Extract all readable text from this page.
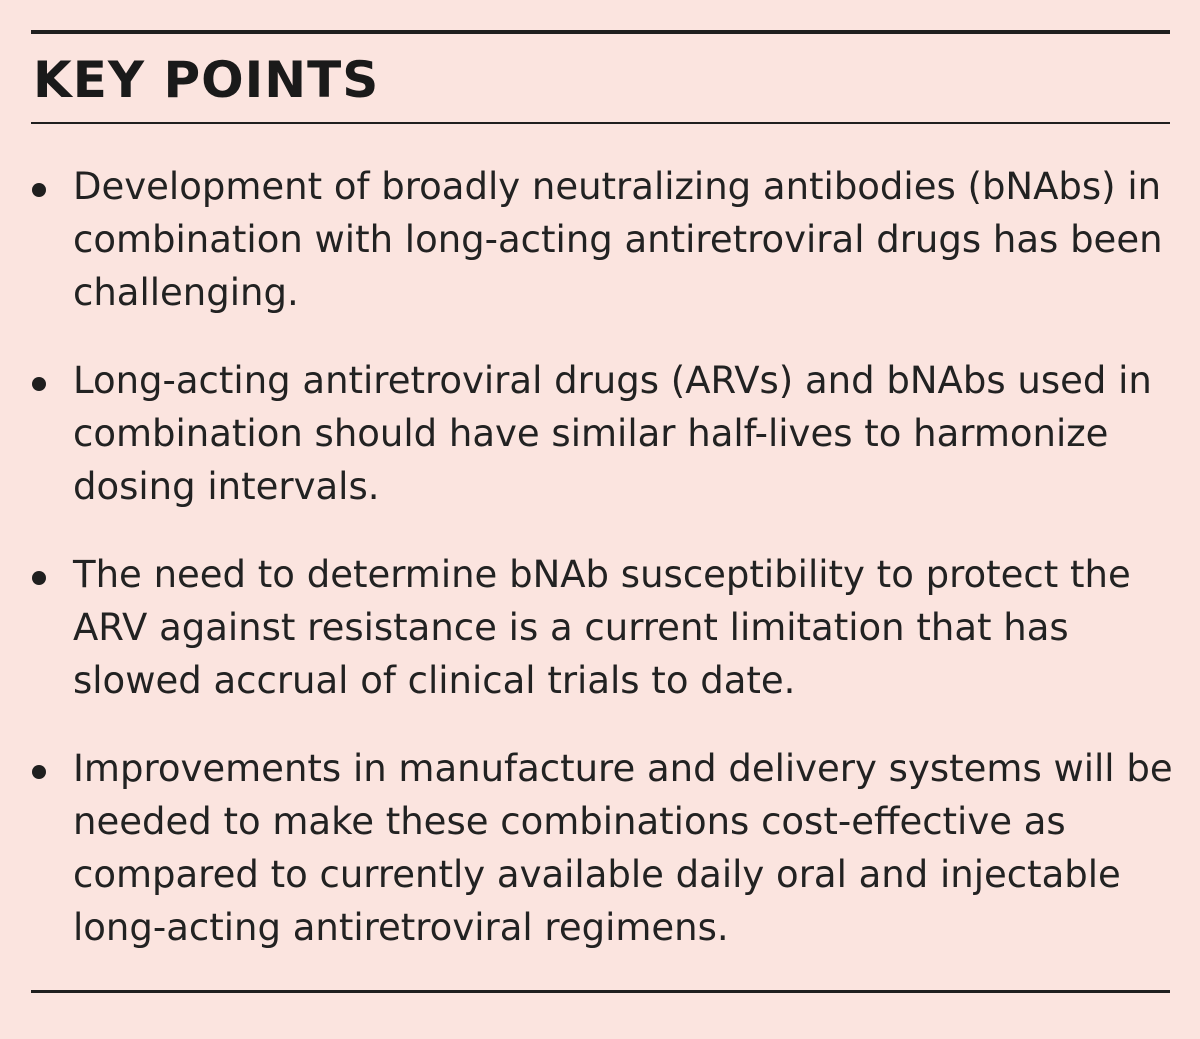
KEY POINTS
Development of broadly neutralizing antibodies (bNAbs) in combination with long-acting antiretroviral drugs has been challenging.
Long-acting antiretroviral drugs (ARVs) and bNAbs used in combination should have similar half-lives to harmonize dosing intervals.
The need to determine bNAb susceptibility to protect the ARV against resistance is a current limitation that has slowed accrual of clinical trials to date.
Improvements in manufacture and delivery systems will be needed to make these combinations cost-effective as compared to currently available daily oral and injectable long-acting antiretroviral regimens.
